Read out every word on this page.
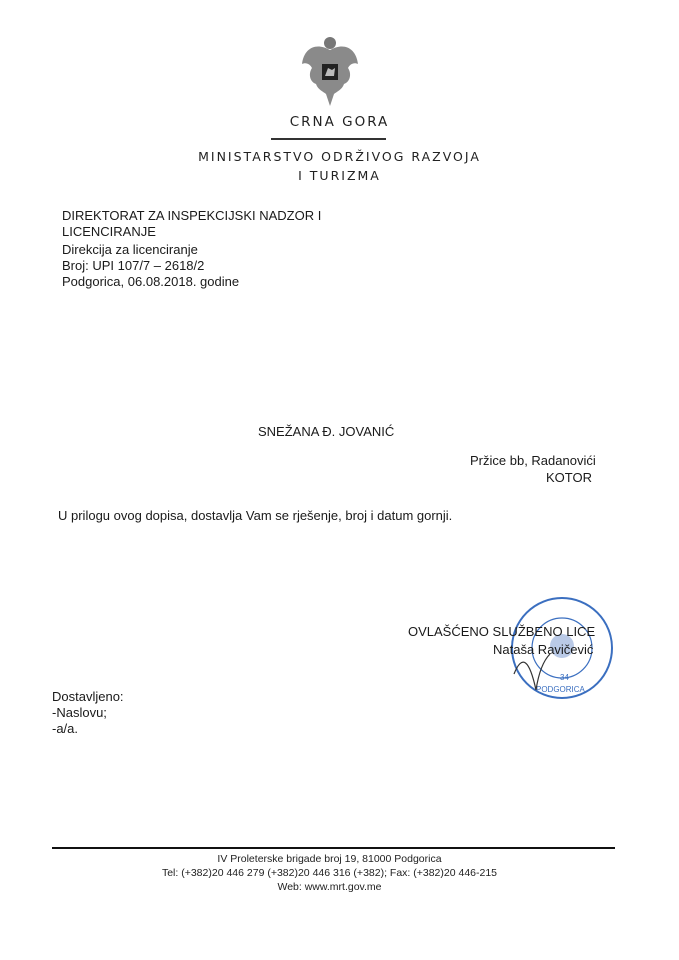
CRNA GORA
MINISTARSTVO ODRŽIVOG RAZVOJA
I TURIZMA
DIREKTORAT ZA INSPEKCIJSKI NADZOR I
LICENCIRANJE
Direkcija za licenciranje
Broj: UPI 107/7 – 2618/2
Podgorica, 06.08.2018. godine
SNEŽANA Đ. JOVANIĆ
Pržice bb, Radanovići
KOTOR
U prilogu ovog dopisa, dostavlja Vam se rješenje, broj i datum gornji.
34
PODGORICA
OVLAŠĆENO SLUŽBENO LICE
Nataša Ravičević
Dostavljeno:
-Naslovu;
-a/a.
IV Proleterske brigade broj 19, 81000 Podgorica
Tel: (+382)20 446 279 (+382)20 446 316 (+382); Fax: (+382)20 446-215
Web: www.mrt.gov.me
